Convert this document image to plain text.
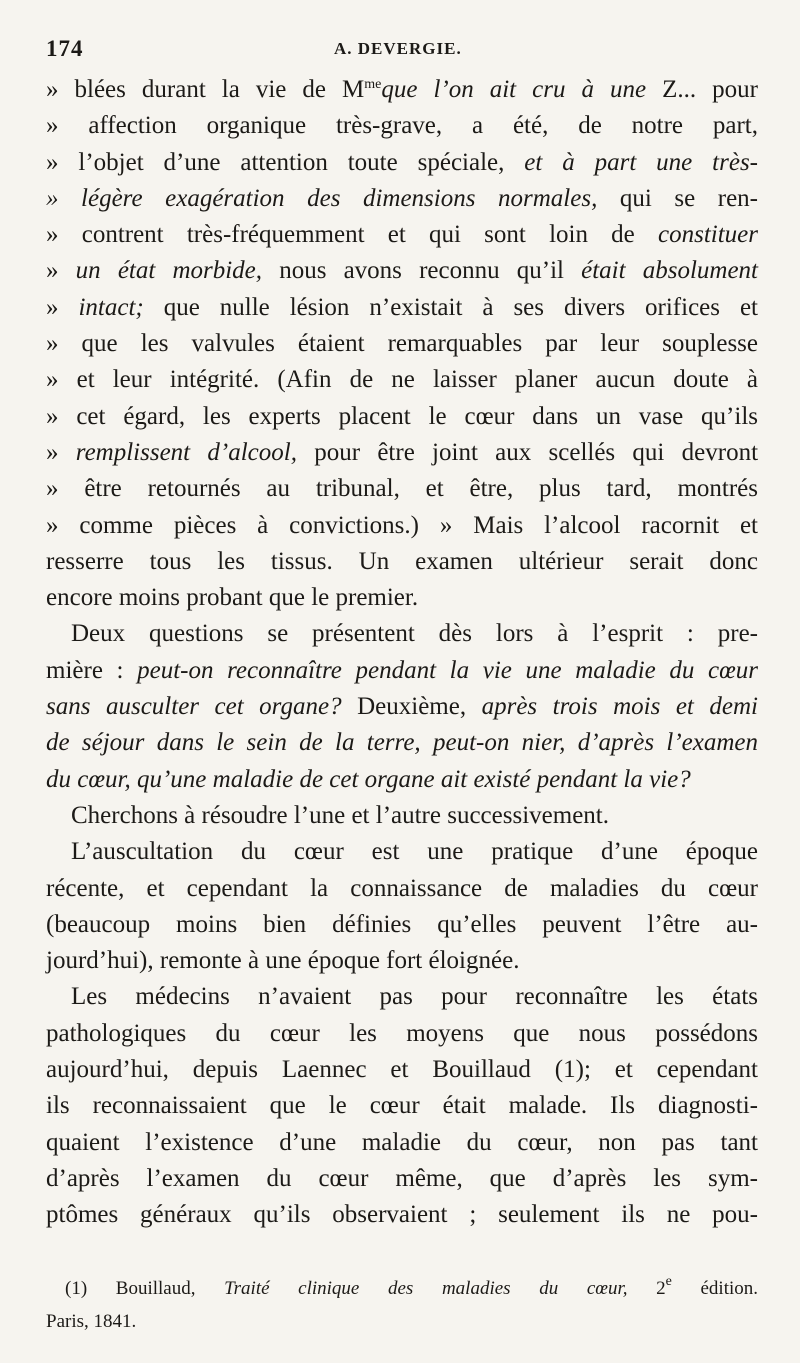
174	A. DEVERGIE.
» blées durant la vie de $M^{me}que$ l’on ait cru à une Z... pour
» affection organique très-grave, a été, de notre part,
» l’objet d’une attention toute spéciale, et à part une très-
» légère exagération des dimensions normales, qui se ren-
» contrent très-fréquemment et qui sont loin de constituer
» un état morbide, nous avons reconnu qu’il était absolument
» intact; que nulle lésion n’existait à ses divers orifices et
» que les valvules étaient remarquables par leur souplesse
» et leur intégrité. (Afin de ne laisser planer aucun doute à
» cet égard, les experts placent le cœur dans un vase qu’ils
» remplissent d’alcool, pour être joint aux scellés qui devront
» être retournés au tribunal, et être, plus tard, montrés
» comme pièces à convictions.) » Mais l’alcool racornit et
resserre tous les tissus. Un examen ultérieur serait donc
encore moins probant que le premier.
 Deux questions se présentent dès lors à l’esprit : pre-
mière : peut-on reconnaître pendant la vie une maladie du cœur
sans ausculter cet organe? Deuxième, après trois mois et demi
de séjour dans le sein de la terre, peut-on nier, d’après l’examen
du cœur, qu’une maladie de cet organe ait existé pendant la vie?
 Cherchons à résoudre l’une et l’autre successivement.
 L’auscultation du cœur est une pratique d’une époque
récente, et cependant la connaissance de maladies du cœur
(beaucoup moins bien définies qu’elles peuvent l’être au-
jourd’hui), remonte à une époque fort éloignée.
 Les médecins n’avaient pas pour reconnaître les états
pathologiques du cœur les moyens que nous possédons
aujourd’hui, depuis Laennec et Bouillaud (1); et cependant
ils reconnaissaient que le cœur était malade. Ils diagnosti-
quaient l’existence d’une maladie du cœur, non pas tant
d’après l’examen du cœur même, que d’après les sym-
ptômes généraux qu’ils observaient ; seulement ils ne pou-
 (1) Bouillaud, Traité clinique des maladies du cœur, 2e édition.
Paris, 1841.
